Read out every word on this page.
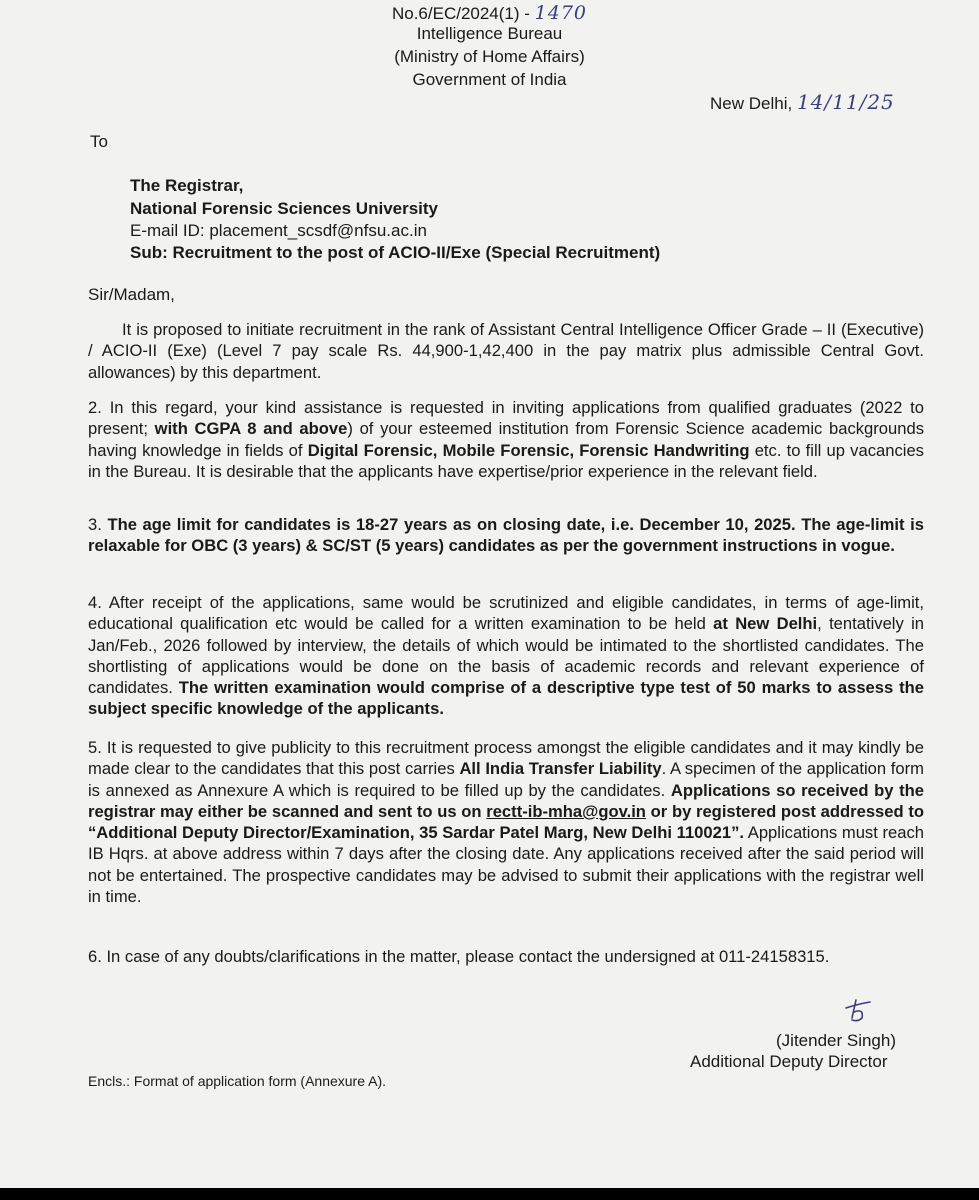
No.6/EC/2024(1) - 1470
Intelligence Bureau
(Ministry of Home Affairs)
Government of India
New Delhi, 14/11/25
To
The Registrar,
National Forensic Sciences University
E-mail ID: placement_scsdf@nfsu.ac.in
Sub: Recruitment to the post of ACIO-II/Exe (Special Recruitment)
Sir/Madam,

It is proposed to initiate recruitment in the rank of Assistant Central Intelligence Officer Grade – II (Executive) / ACIO-II (Exe) (Level 7 pay scale Rs. 44,900-1,42,400 in the pay matrix plus admissible Central Govt. allowances) by this department.

2. In this regard, your kind assistance is requested in inviting applications from qualified graduates (2022 to present; with CGPA 8 and above) of your esteemed institution from Forensic Science academic backgrounds having knowledge in fields of Digital Forensic, Mobile Forensic, Forensic Handwriting etc. to fill up vacancies in the Bureau. It is desirable that the applicants have expertise/prior experience in the relevant field.

3. The age limit for candidates is 18-27 years as on closing date, i.e. December 10, 2025. The age-limit is relaxable for OBC (3 years) & SC/ST (5 years) candidates as per the government instructions in vogue.

4. After receipt of the applications, same would be scrutinized and eligible candidates, in terms of age-limit, educational qualification etc would be called for a written examination to be held at New Delhi, tentatively in Jan/Feb., 2026 followed by interview, the details of which would be intimated to the shortlisted candidates. The shortlisting of applications would be done on the basis of academic records and relevant experience of candidates. The written examination would comprise of a descriptive type test of 50 marks to assess the subject specific knowledge of the applicants.

5. It is requested to give publicity to this recruitment process amongst the eligible candidates and it may kindly be made clear to the candidates that this post carries All India Transfer Liability. A specimen of the application form is annexed as Annexure A which is required to be filled up by the candidates. Applications so received by the registrar may either be scanned and sent to us on rectt-ib-mha@gov.in or by registered post addressed to “Additional Deputy Director/Examination, 35 Sardar Patel Marg, New Delhi 110021”. Applications must reach IB Hqrs. at above address within 7 days after the closing date. Any applications received after the said period will not be entertained. The prospective candidates may be advised to submit their applications with the registrar well in time.

6. In case of any doubts/clarifications in the matter, please contact the undersigned at 011-24158315.

(Jitender Singh)
Additional Deputy Director
Encls.: Format of application form (Annexure A).
